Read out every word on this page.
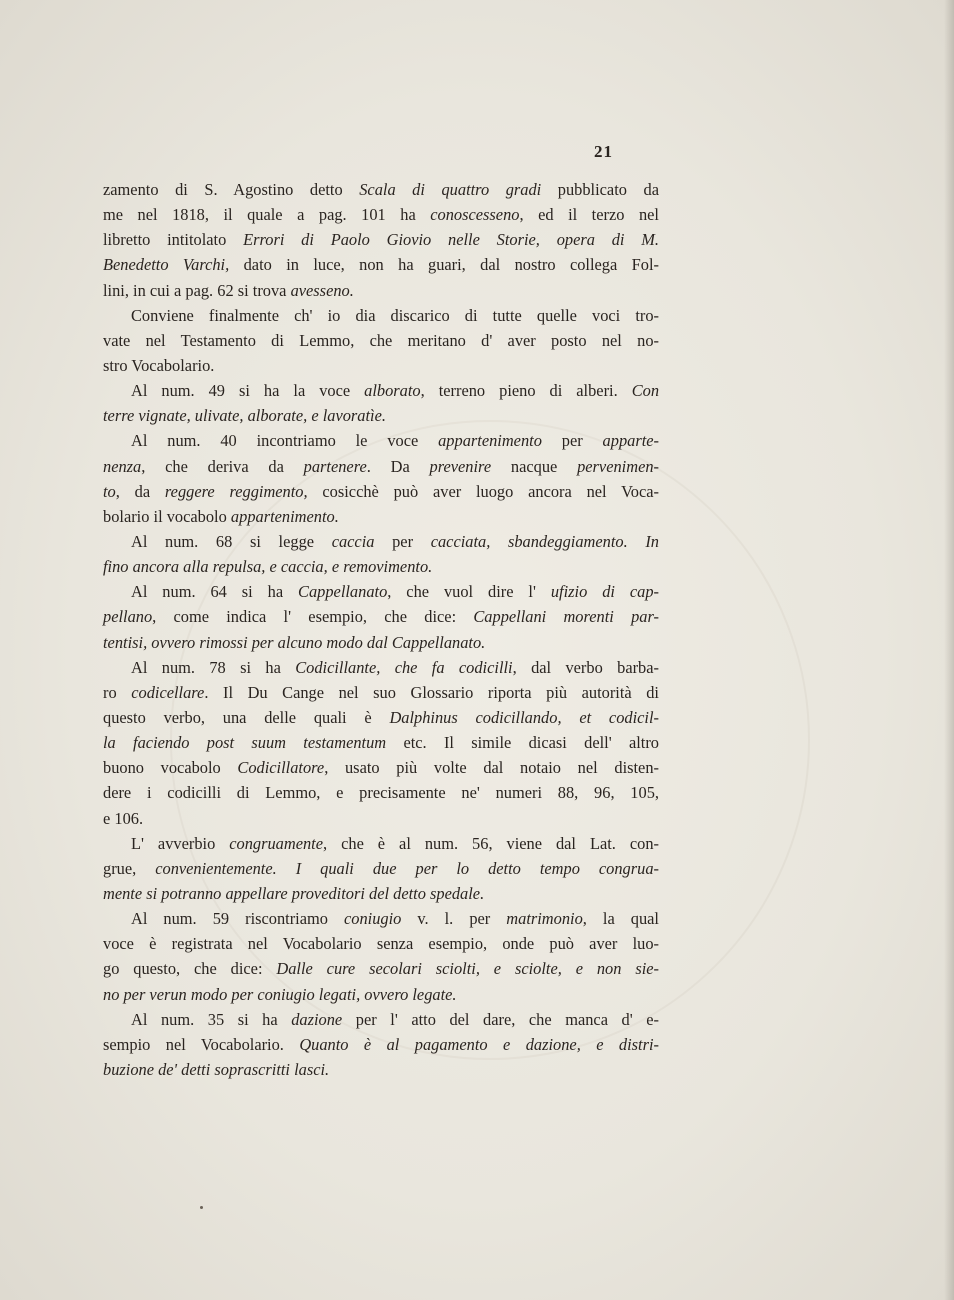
21
zamento di S. Agostino detto Scala di quattro gradi pubblicato da
me nel 1818, il quale a pag. 101 ha conoscesseno, ed il terzo nel
libretto intitolato Errori di Paolo Giovio nelle Storie, opera di M.
Benedetto Varchi, dato in luce, non ha guari, dal nostro collega Fol-
lini, in cui a pag. 62 si trova avesseno.
Conviene finalmente ch' io dia discarico di tutte quelle voci tro-
vate nel Testamento di Lemmo, che meritano d' aver posto nel no-
stro Vocabolario.
Al num. 49 si ha la voce alborato, terreno pieno di alberi. Con
terre vignate, ulivate, alborate, e lavoratìe.
Al num. 40 incontriamo le voce appartenimento per apparte-
nenza, che deriva da partenere. Da prevenire nacque pervenimen-
to, da reggere reggimento, cosicchè può aver luogo ancora nel Voca-
bolario il vocabolo appartenimento.
Al num. 68 si legge caccia per cacciata, sbandeggiamento. In
fino ancora alla repulsa, e caccia, e removimento.
Al num. 64 si ha Cappellanato, che vuol dire l' ufizio di cap-
pellano, come indica l' esempio, che dice: Cappellani morenti par-
tentisi, ovvero rimossi per alcuno modo dal Cappellanato.
Al num. 78 si ha Codicillante, che fa codicilli, dal verbo barba-
ro codicellare. Il Du Cange nel suo Glossario riporta più autorità di
questo verbo, una delle quali è Dalphinus codicillando, et codicil-
la faciendo post suum testamentum etc. Il simile dicasi dell' altro
buono vocabolo Codicillatore, usato più volte dal notaio nel disten-
dere i codicilli di Lemmo, e precisamente ne' numeri 88, 96, 105,
e 106.
L' avverbio congruamente, che è al num. 56, viene dal Lat. con-
grue, convenientemente. I quali due per lo detto tempo congrua-
mente si potranno appellare proveditori del detto spedale.
Al num. 59 riscontriamo coniugio v. l. per matrimonio, la qual
voce è registrata nel Vocabolario senza esempio, onde può aver luo-
go questo, che dice: Dalle cure secolari sciolti, e sciolte, e non sie-
no per verun modo per coniugio legati, ovvero legate.
Al num. 35 si ha dazione per l' atto del dare, che manca d' e-
sempio nel Vocabolario. Quanto è al pagamento e dazione, e distri-
buzione de' detti soprascritti lasci.
